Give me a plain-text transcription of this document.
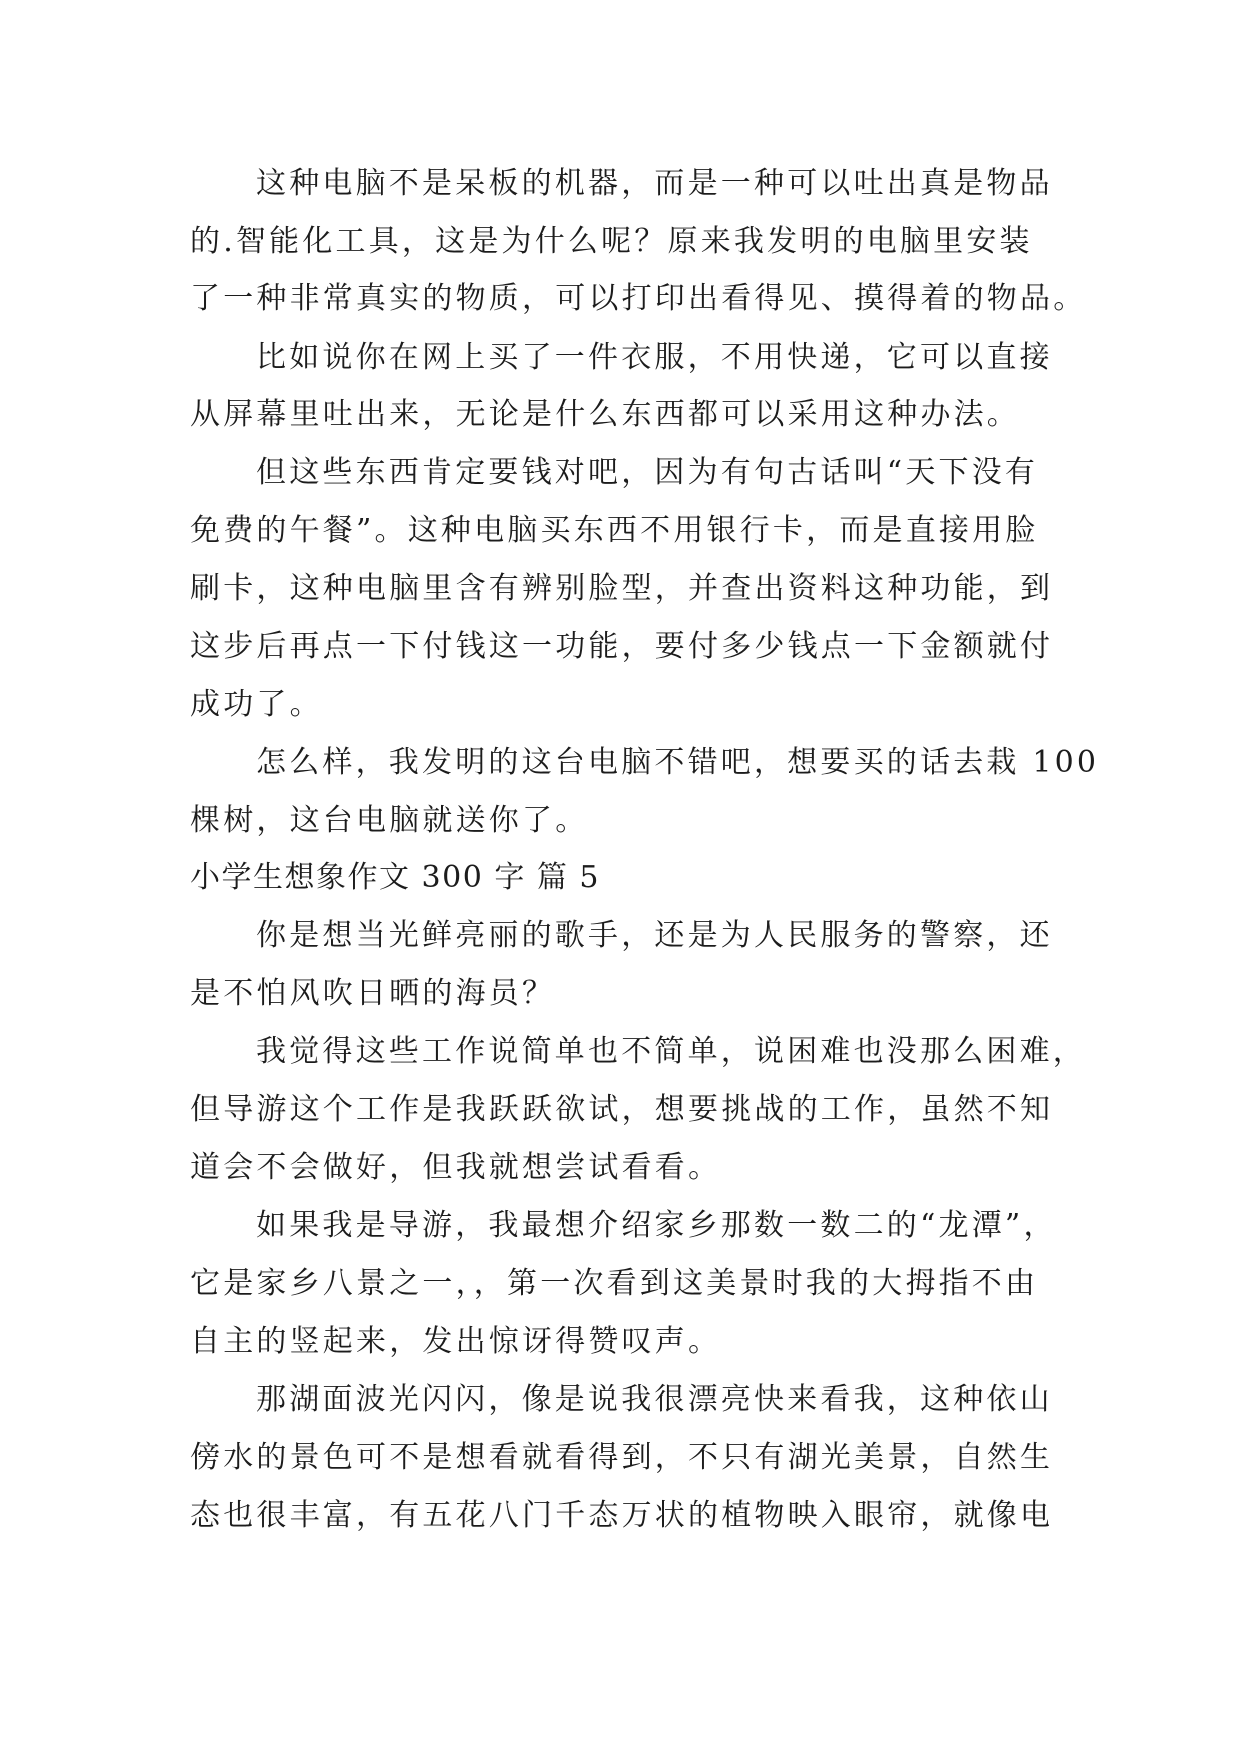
这种电脑不是呆板的机器，而是一种可以吐出真是物品
的.智能化工具，这是为什么呢？原来我发明的电脑里安装
了一种非常真实的物质，可以打印出看得见、摸得着的物品。
比如说你在网上买了一件衣服，不用快递，它可以直接
从屏幕里吐出来，无论是什么东西都可以采用这种办法。
但这些东西肯定要钱对吧，因为有句古话叫“天下没有
免费的午餐”。这种电脑买东西不用银行卡，而是直接用脸
刷卡，这种电脑里含有辨别脸型，并查出资料这种功能，到
这步后再点一下付钱这一功能，要付多少钱点一下金额就付
成功了。
怎么样，我发明的这台电脑不错吧，想要买的话去栽 100
棵树，这台电脑就送你了。
小学生想象作文 300 字 篇 5
你是想当光鲜亮丽的歌手，还是为人民服务的警察，还
是不怕风吹日晒的海员？
我觉得这些工作说简单也不简单，说困难也没那么困难，
但导游这个工作是我跃跃欲试，想要挑战的工作，虽然不知
道会不会做好，但我就想尝试看看。
如果我是导游，我最想介绍家乡那数一数二的“龙潭”，
它是家乡八景之一，，第一次看到这美景时我的大拇指不由
自主的竖起来，发出惊讶得赞叹声。
那湖面波光闪闪，像是说我很漂亮快来看我，这种依山
傍水的景色可不是想看就看得到，不只有湖光美景，自然生
态也很丰富，有五花八门千态万状的植物映入眼帘，就像电
